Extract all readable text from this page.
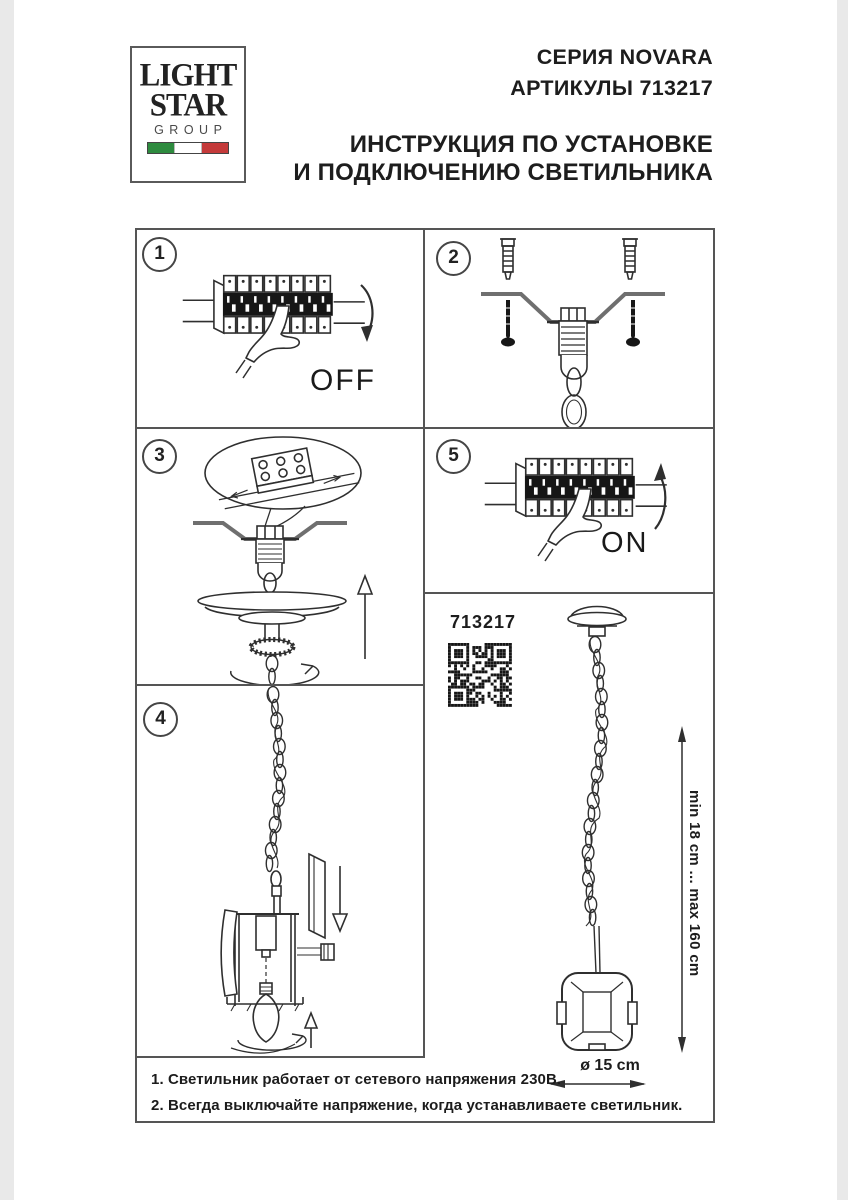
LIGHT
STAR
GROUP
СЕРИЯ NOVARA
АРТИКУЛЫ 713217
ИНСТРУКЦИЯ ПО УСТАНОВКЕ
И ПОДКЛЮЧЕНИЮ СВЕТИЛЬНИКА
1	2
3	5
4
OFF
ON
713217
min 18 cm ... max 160 cm
ø 15 cm
1. Светильник работает от сетевого напряжения 230В.
2. Всегда выключайте напряжение, когда устанавливаете светильник.
